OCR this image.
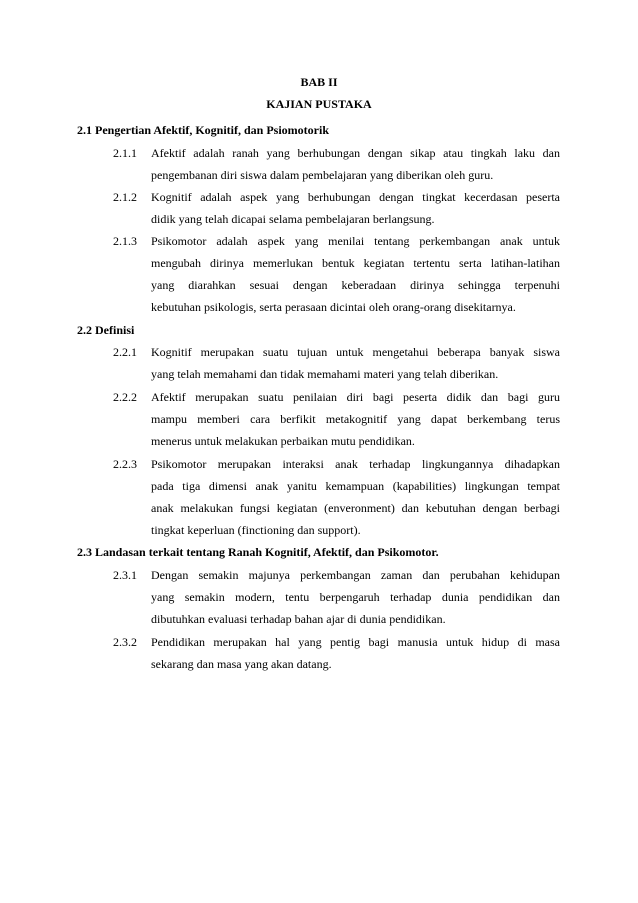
BAB II
KAJIAN PUSTAKA
2.1 Pengertian Afektif, Kognitif, dan Psiomotorik
2.1.1 Afektif adalah ranah yang berhubungan dengan sikap atau tingkah laku dan
pengembanan diri siswa dalam pembelajaran yang diberikan oleh guru.
2.1.2 Kognitif adalah aspek yang berhubungan dengan tingkat kecerdasan peserta
didik yang telah dicapai selama pembelajaran berlangsung.
2.1.3 Psikomotor adalah aspek yang menilai tentang perkembangan anak untuk
mengubah dirinya memerlukan bentuk kegiatan tertentu serta latihan-latihan
yang diarahkan sesuai dengan keberadaan dirinya sehingga terpenuhi
kebutuhan psikologis, serta perasaan dicintai oleh orang-orang disekitarnya.
2.2 Definisi
2.2.1 Kognitif merupakan suatu tujuan untuk mengetahui beberapa banyak siswa
yang telah memahami dan tidak memahami materi yang telah diberikan.
2.2.2 Afektif merupakan suatu penilaian diri bagi peserta didik dan bagi guru
mampu memberi cara berfikit metakognitif yang dapat berkembang terus
menerus untuk melakukan perbaikan mutu pendidikan.
2.2.3 Psikomotor merupakan interaksi anak terhadap lingkungannya dihadapkan
pada tiga dimensi anak yanitu kemampuan (kapabilities) lingkungan tempat
anak melakukan fungsi kegiatan (enveronment) dan kebutuhan dengan berbagi
tingkat keperluan (finctioning dan support).
2.3 Landasan terkait tentang Ranah Kognitif, Afektif, dan Psikomotor.
2.3.1 Dengan semakin majunya perkembangan zaman dan perubahan kehidupan
yang semakin modern, tentu berpengaruh terhadap dunia pendidikan dan
dibutuhkan evaluasi terhadap bahan ajar di dunia pendidikan.
2.3.2 Pendidikan merupakan hal yang pentig bagi manusia untuk hidup di masa
sekarang dan masa yang akan datang.
